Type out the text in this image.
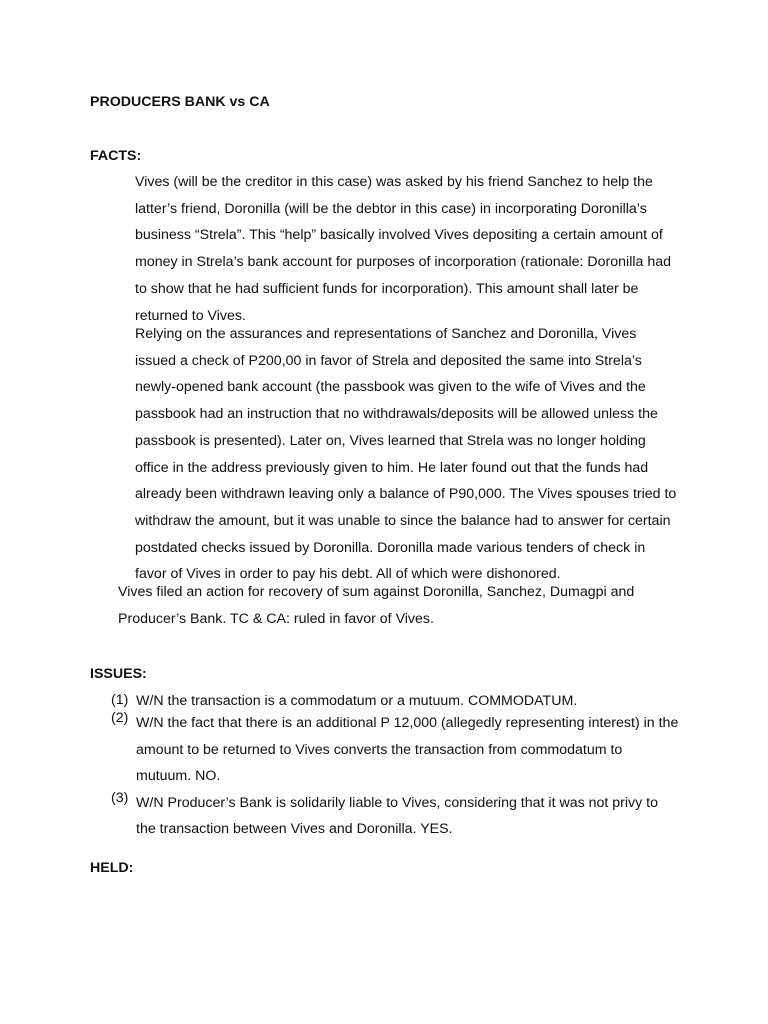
PRODUCERS BANK vs CA
FACTS:
Vives (will be the creditor in this case) was asked by his friend Sanchez to help the latter’s friend, Doronilla (will be the debtor in this case) in incorporating Doronilla’s business “Strela”. This “help” basically involved Vives depositing a certain amount of money in Strela’s bank account for purposes of incorporation (rationale: Doronilla had to show that he had sufficient funds for incorporation). This amount shall later be returned to Vives.
Relying on the assurances and representations of Sanchez and Doronilla, Vives issued a check of P200,00 in favor of Strela and deposited the same into Strela’s newly-opened bank account (the passbook was given to the wife of Vives and the passbook had an instruction that no withdrawals/deposits will be allowed unless the passbook is presented). Later on, Vives learned that Strela was no longer holding office in the address previously given to him. He later found out that the funds had already been withdrawn leaving only a balance of P90,000. The Vives spouses tried to withdraw the amount, but it was unable to since the balance had to answer for certain postdated checks issued by Doronilla. Doronilla made various tenders of check in favor of Vives in order to pay his debt. All of which were dishonored.
Vives filed an action for recovery of sum against Doronilla, Sanchez, Dumagpi and Producer’s Bank. TC & CA: ruled in favor of Vives.
ISSUES:
(1) W/N the transaction is a commodatum or a mutuum. COMMODATUM.
(2) W/N the fact that there is an additional P 12,000 (allegedly representing interest) in the amount to be returned to Vives converts the transaction from commodatum to mutuum. NO.
(3) W/N Producer’s Bank is solidarily liable to Vives, considering that it was not privy to the transaction between Vives and Doronilla. YES.
HELD:
